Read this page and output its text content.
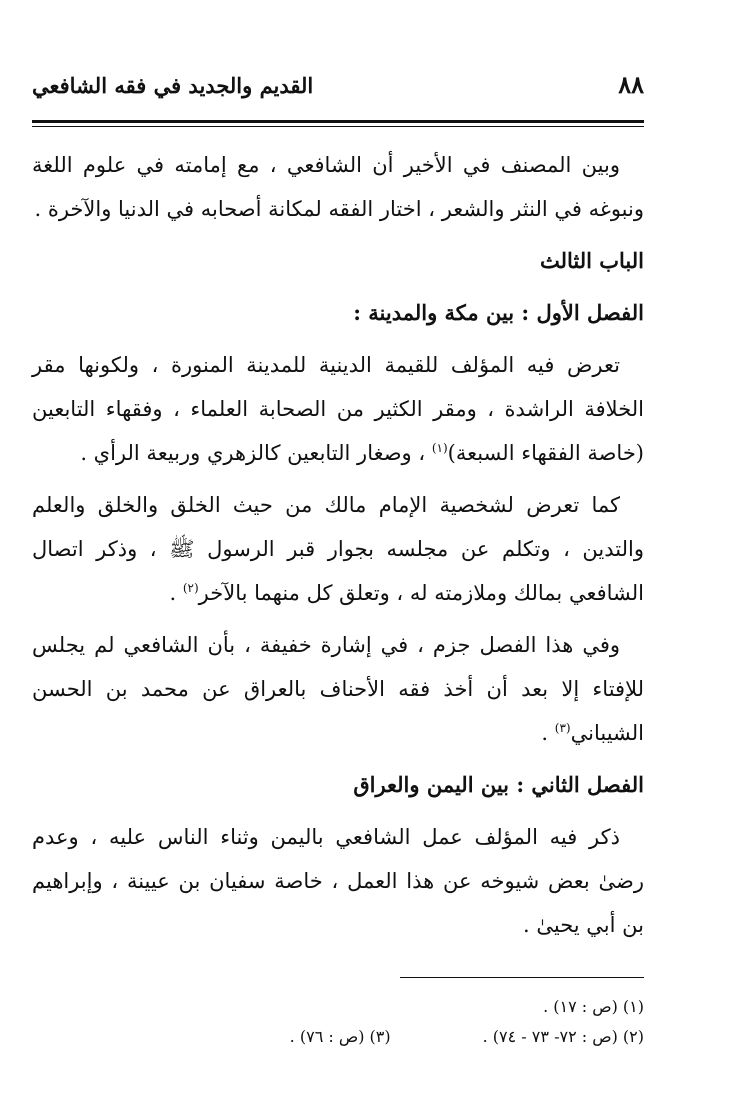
٨٨
القديم والجديد في فقه الشافعي

وبين المصنف في الأخير أن الشافعي ، مع إمامته في علوم اللغة ونبوغه في النثر والشعر ، اختار الفقه لمكانة أصحابه في الدنيا والآخرة .

الباب الثالث
الفصل الأول : بين مكة والمدينة :

تعرض فيه المؤلف للقيمة الدينية للمدينة المنورة ، ولكونها مقر الخلافة الراشدة ، ومقر الكثير من الصحابة العلماء ، وفقهاء التابعين (خاصة الفقهاء السبعة)$^{(١)}$ ، وصغار التابعين كالزهري وربيعة الرأي .

كما تعرض لشخصية الإمام مالك من حيث الخلق والخلق والعلم والتدين ، وتكلم عن مجلسه بجوار قبر الرسول ﷺ ، وذكر اتصال الشافعي بمالك وملازمته له ، وتعلق كل منهما بالآخر$^{(٢)}$ .

وفي هذا الفصل جزم ، في إشارة خفيفة ، بأن الشافعي لم يجلس للإفتاء إلا بعد أن أخذ فقه الأحناف بالعراق عن محمد بن الحسن الشيباني$^{(٣)}$ .

الفصل الثاني : بين اليمن والعراق

ذكر فيه المؤلف عمل الشافعي باليمن وثناء الناس عليه ، وعدم رضىٰ بعض شيوخه عن هذا العمل ، خاصة سفيان بن عيينة ، وإبراهيم بن أبي يحيىٰ .

(١) (ص : ١٧) .
(٢) (ص : ٧٢- ٧٣ - ٧٤) .
(٣) (ص : ٧٦) .
